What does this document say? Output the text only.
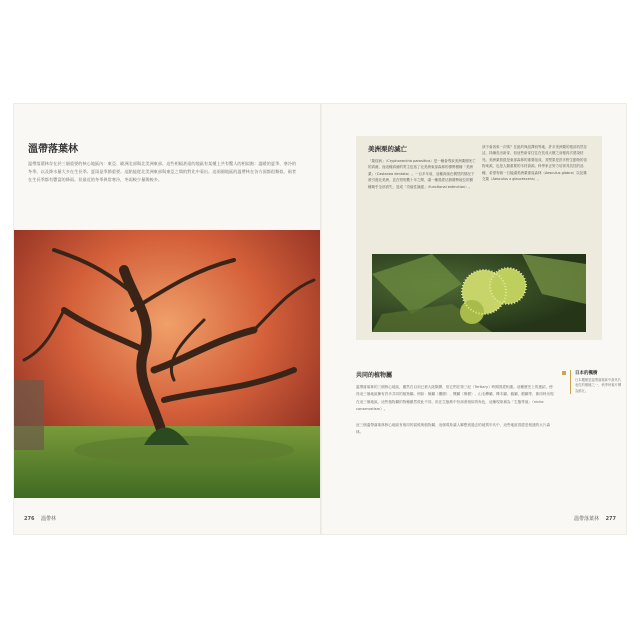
溫帶落葉林

溫帶落葉林存在於三個重要的核心地區內：東亞、歐洲北部與北美洲東部。這些相隔甚遠的地區有某種上共有驚人的相似點：溫暖的夏季、寒冷的冬季，以及降水量大多在生長季。夏雨是季節重要。這點能從北美洲東部與東亞之間的對比中看出。這兩個地區的溫帶林在各方面都很類似，兩者在生長季都有豐富的降雨。但最近的冬季異常寒冷，冬雨較少量與較多。

276 溫帶林
美洲栗的滅亡

「栗疫病」（Cryphonectria parasitica）是一種會導致美洲栗樹死亡的真菌，而這種真菌的寄主包括了北美洲東部森林的優勢樹種「美洲栗」（Castanea dentata）。一百多年前，這種真菌在偶然的情況下被引進北美洲，並在短短數十年之間，讓一種曾經佔據優勢地位的樹種幾乎全部消失，造成「功能性滅絕」（functional extinction）。

該不會再來一次嗎？在紐約與紐澤西等地，許多美洲栗的根部仍然存活，持續長出新芽，但這些新芽往往在長成大樹之前便再次感染枯死。美洲栗曾經是東部森林的重要組成，其堅果是許多野生動物的食物來源，也是人類重要的木材資源。科學家正努力培育具抗性的品種，希望有朝一日能讓美洲栗重返森林（Aesculus glabra）以及雜交栗（Aesculus x glaucescens）。

共同的植物屬

溫帶落葉林的三個核心地區，雖然在目前已被大陸隔開，但它們在第三紀（Tertiary）時期曾經相連。這種歷史上的連結，使得這三個地區擁有許多共同的植物屬。例如：槭屬（楓樹）、櫟屬（橡樹）、山毛櫸屬、樺木屬、榆屬、椴屬等，都同時出現在這三個地區。這些植物屬的物種雖然彼此不同，但在生態系中扮演著相似的角色，這種現象稱為「生態等值」（niche conservatism）。

這三個溫帶落葉林核心地區有相同的氣候與植物屬，這個現象讓人聯想到過去的地質年代中，這些地區曾經是相連的大片森林。

日本的楓樹
日本楓樹是溫帶落葉林中最具代表性的樹種之一，秋季時葉片轉為鮮紅。
溫帶落葉林 277
